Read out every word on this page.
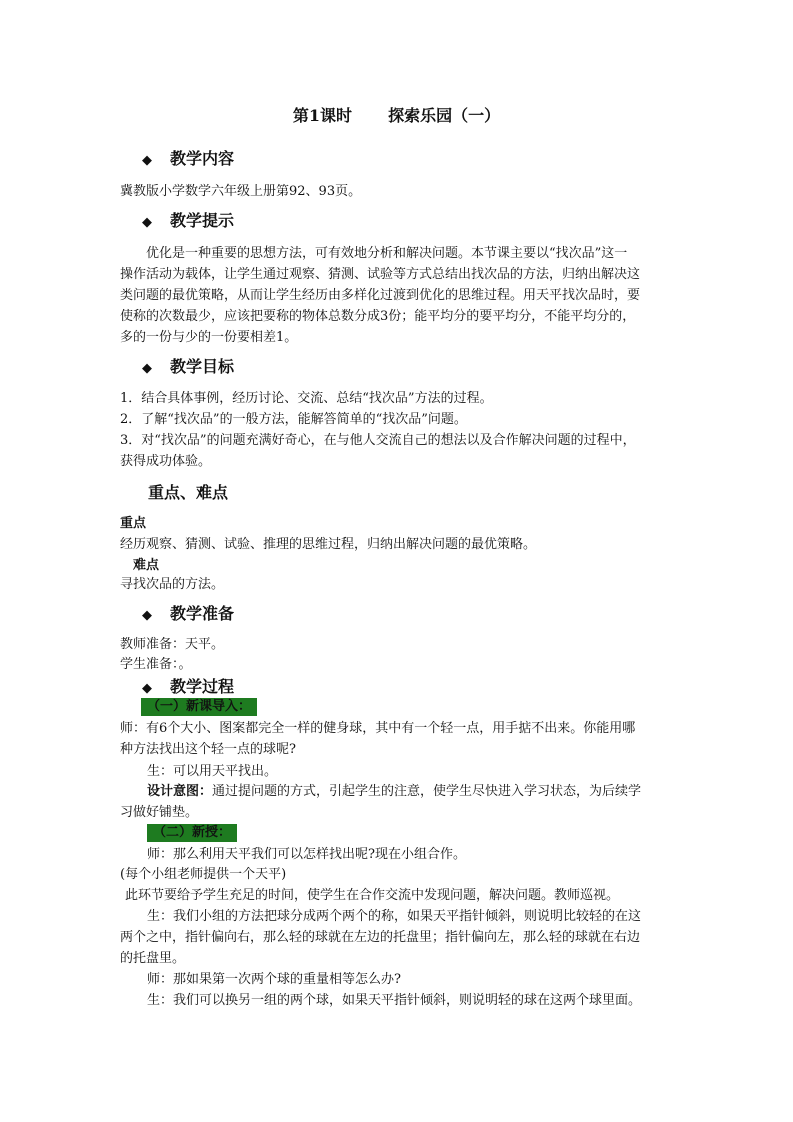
第1课时 探索乐园（一）
◆ 教学内容
冀教版小学数学六年级上册第92、93页。
◆ 教学提示
优化是一种重要的思想方法，可有效地分析和解决问题。本节课主要以“找次品”这一
操作活动为载体，让学生通过观察、猜测、试验等方式总结出找次品的方法，归纳出解决这
类问题的最优策略，从而让学生经历由多样化过渡到优化的思维过程。用天平找次品时，要
使称的次数最少，应该把要称的物体总数分成3份；能平均分的要平均分，不能平均分的，
多的一份与少的一份要相差1。
◆ 教学目标
1．结合具体事例，经历讨论、交流、总结“找次品”方法的过程。
2．了解“找次品”的一般方法，能解答简单的“找次品”问题。
3．对“找次品”的问题充满好奇心，在与他人交流自己的想法以及合作解决问题的过程中，
获得成功体验。
重点、难点
重点
经历观察、猜测、试验、推理的思维过程，归纳出解决问题的最优策略。
难点
寻找次品的方法。
◆ 教学准备
教师准备：天平。
学生准备：。
◆ 教学过程
（一）新课导入：
师：有6个大小、图案都完全一样的健身球，其中有一个轻一点，用手掂不出来。你能用哪
种方法找出这个轻一点的球呢?
生：可以用天平找出。
设计意图：通过提问题的方式，引起学生的注意，使学生尽快进入学习状态，为后续学
习做好铺垫。
（二）新授：
师：那么利用天平我们可以怎样找出呢?现在小组合作。
(每个小组老师提供一个天平)
此环节要给予学生充足的时间，使学生在合作交流中发现问题，解决问题。教师巡视。
生：我们小组的方法把球分成两个两个的称，如果天平指针倾斜，则说明比较轻的在这
两个之中，指针偏向右，那么轻的球就在左边的托盘里；指针偏向左，那么轻的球就在右边
的托盘里。
师：那如果第一次两个球的重量相等怎么办?
生：我们可以换另一组的两个球，如果天平指针倾斜，则说明轻的球在这两个球里面。
